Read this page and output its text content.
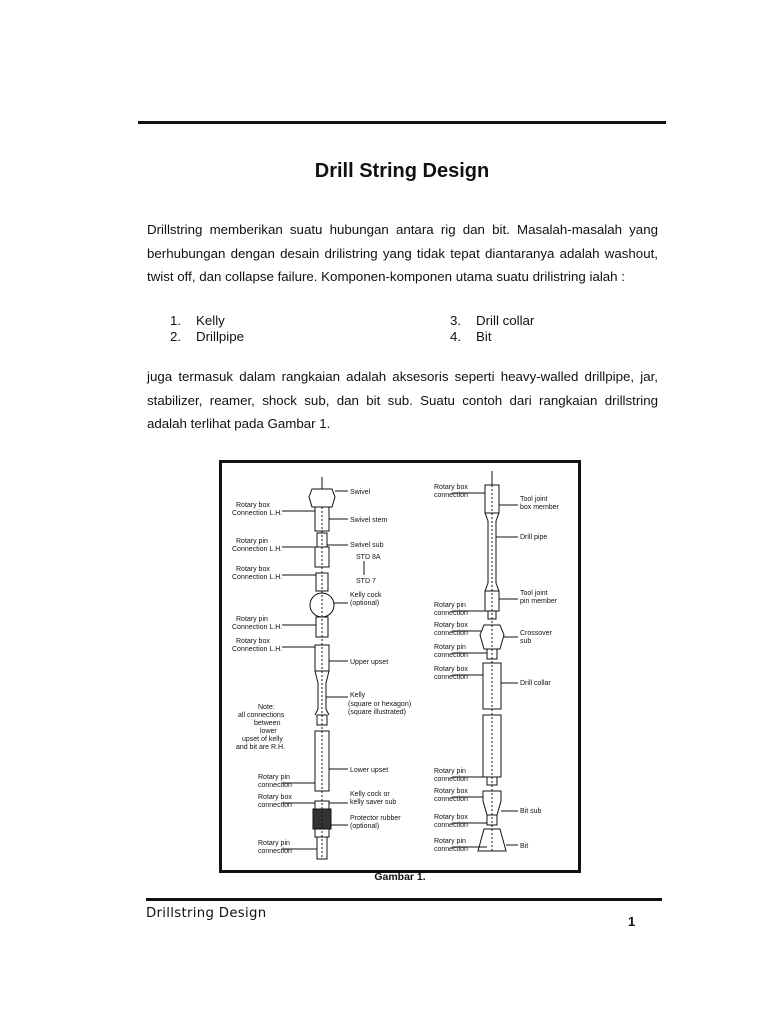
Drill String Design

Drillstring memberikan suatu hubungan antara rig dan bit. Masalah-masalah yang berhubungan dengan desain drilistring yang tidak tepat diantaranya adalah washout, twist off, dan collapse failure. Komponen-komponen utama suatu drilistring ialah :

1. Kelly
2. Drillpipe
3. Drill collar
4. Bit

juga termasuk dalam rangkaian adalah aksesoris seperti heavy-walled drillpipe, jar, stabilizer, reamer, shock sub, dan bit sub. Suatu contoh dari rangkaian drillstring adalah terlihat pada Gambar 1.

Swivel
Rotary box
Connection L.H.
Swivel stem
Rotary pin
Connection L.H.
Swivel sub
STD 8A
Rotary box
Connection L.H.
STD 7
Kelly cock
(optional)
Rotary pin
Connection L.H.
Rotary box
Connection L.H.
Upper upset
Note:
all connections
between
lower
upset of kelly
and bit are R.H.
Kelly
(square or hexagon)
(square illustrated)
Lower upset
Rotary pin
connection
Kelly cock or
kelly saver sub
Rotary box
connection
Protector rubber
(optional)
Rotary pin
connection
Rotary box
connection
Tool joint
box member
Drill pipe
Tool joint
pin member
Rotary pin
connection
Rotary box
connection	Crossover
sub
Rotary pin
connection
Rotary box
connection
Drill collar
Rotary pin
connection
Rotary box
connection
Bit sub
Rotary box
connection
Rotary pin
connection	Bit
Gambar 1.
Drillstring Design
1
